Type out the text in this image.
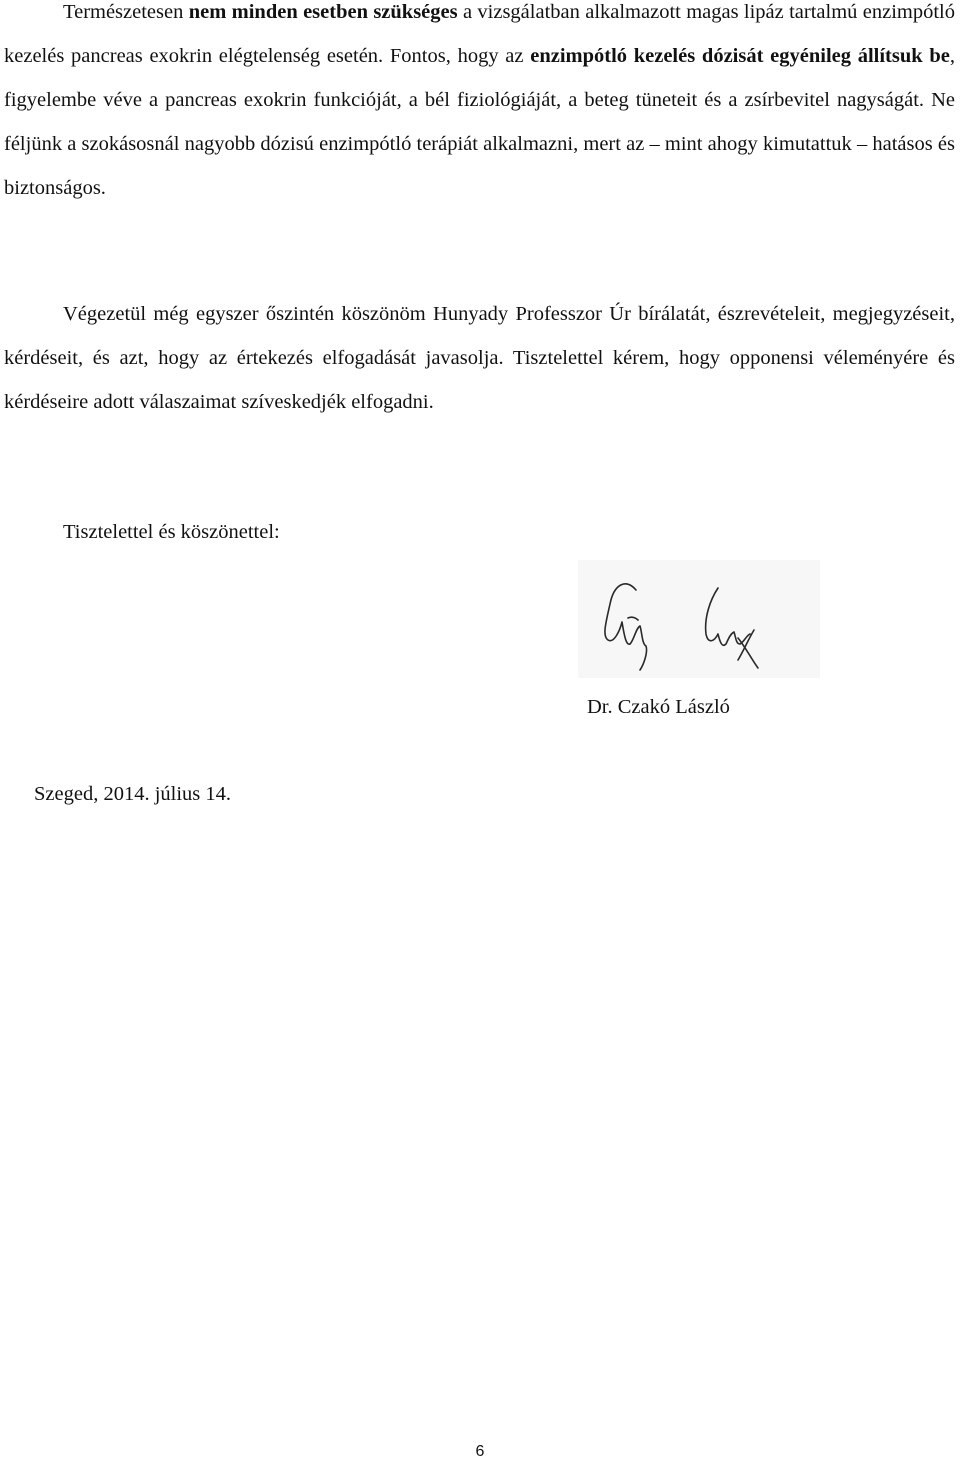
Természetesen nem minden esetben szükséges a vizsgálatban alkalmazott magas lipáz tartalmú enzimpótló kezelés pancreas exokrin elégtelenség esetén. Fontos, hogy az enzimpótló kezelés dózisát egyénileg állítsuk be, figyelembe véve a pancreas exokrin funkcióját, a bél fiziológiáját, a beteg tüneteit és a zsírbevitel nagyságát. Ne féljünk a szokásosnál nagyobb dózisú enzimpótló terápiát alkalmazni, mert az – mint ahogy kimutattuk – hatásos és biztonságos.

Végezetül még egyszer őszintén köszönöm Hunyady Professzor Úr bírálatát, észrevételeit, megjegyzéseit, kérdéseit, és azt, hogy az értekezés elfogadását javasolja. Tisztelettel kérem, hogy opponensi véleményére és kérdéseire adott válaszaimat szíveskedjék elfogadni.

Tisztelettel és köszönettel:

Dr. Czakó László

Szeged, 2014. július 14.

6
